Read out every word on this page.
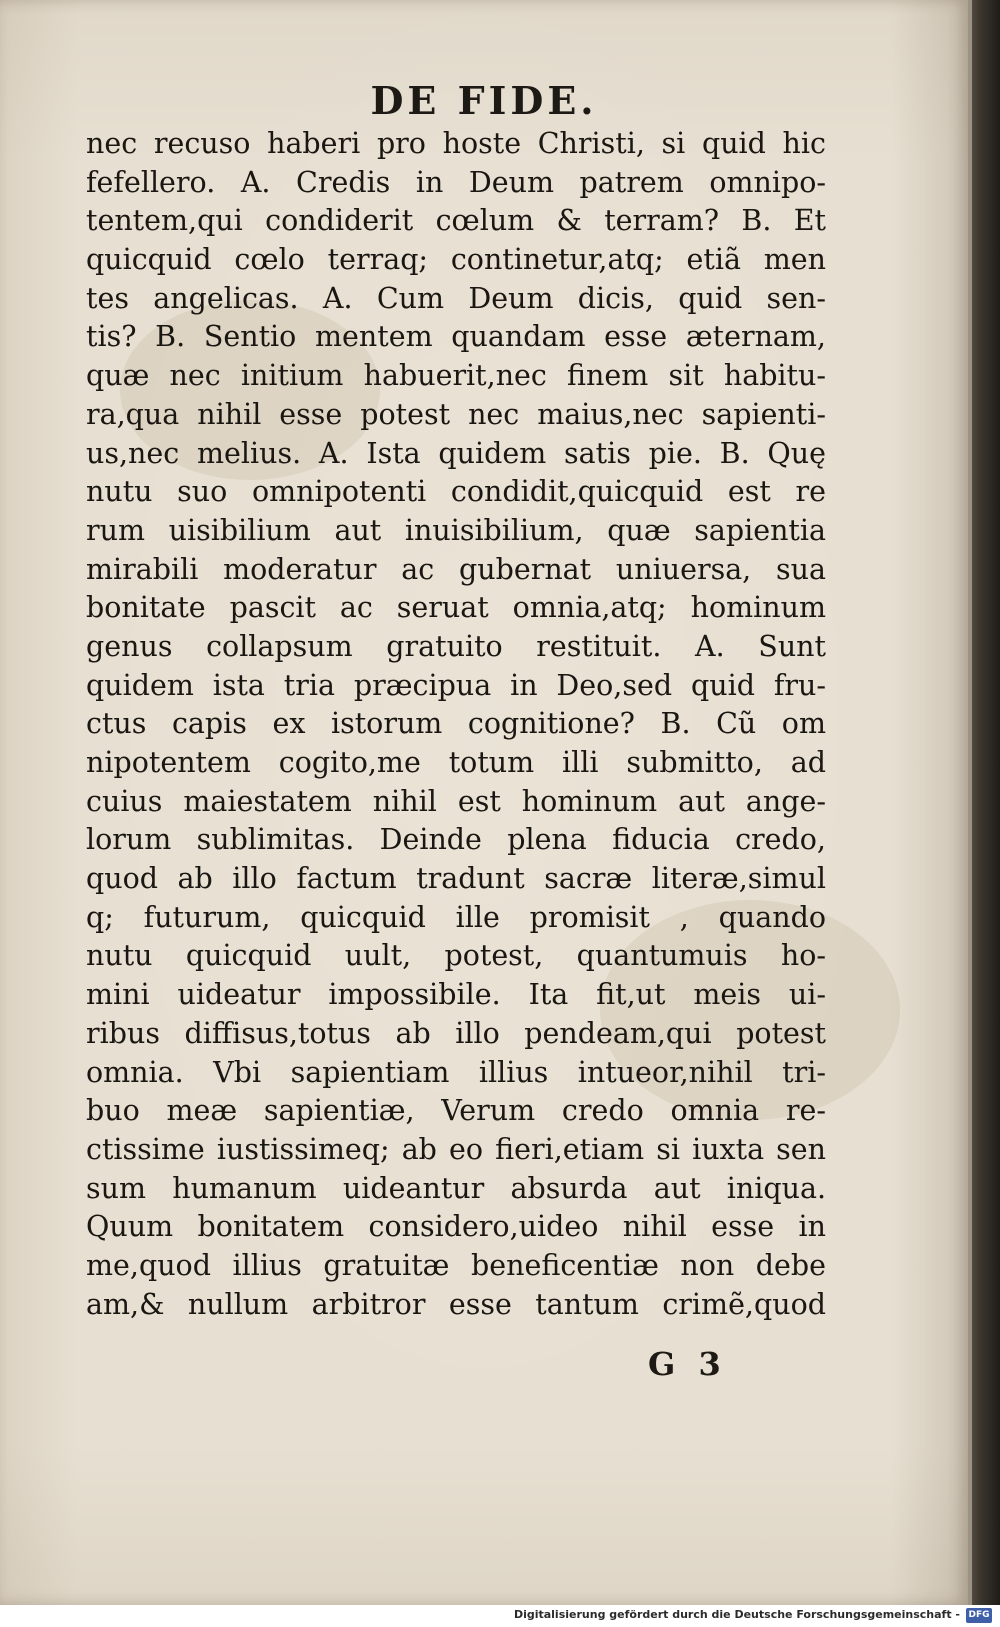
DE FIDE.
nec recuso haberi pro hoste Christi, si quid hic
fefellero. A. Credis in Deum patrem omnipo-
tentem,qui condiderit cœlum & terram? B. Et
quicquid cœlo terraq; continetur,atq; etiã men
tes angelicas. A. Cum Deum dicis, quid sen-
tis? B. Sentio mentem quandam esse æternam,
quæ nec initium habuerit,nec finem sit habitu-
ra,qua nihil esse potest nec maius,nec sapienti-
us,nec melius. A. Ista quidem satis pie. B. Quę
nutu suo omnipotenti condidit,quicquid est re
rum uisibilium aut inuisibilium, quæ sapientia
mirabili moderatur ac gubernat uniuersa, sua
bonitate pascit ac seruat omnia,atq; hominum
genus collapsum gratuito restituit. A. Sunt
quidem ista tria præcipua in Deo,sed quid fru-
ctus capis ex istorum cognitione? B. Cũ om
nipotentem cogito,me totum illi submitto, ad
cuius maiestatem nihil est hominum aut ange-
lorum sublimitas. Deinde plena fiducia credo,
quod ab illo factum tradunt sacræ literæ,simul
q; futurum, quicquid ille promisit , quando
nutu quicquid uult, potest, quantumuis ho-
mini uideatur impossibile. Ita fit,ut meis ui-
ribus diffisus,totus ab illo pendeam,qui potest
omnia. Vbi sapientiam illius intueor,nihil tri-
buo meæ sapientiæ, Verum credo omnia re-
ctissime iustissimeq; ab eo fieri,etiam si iuxta sen
sum humanum uideantur absurda aut iniqua.
Quum bonitatem considero,uideo nihil esse in
me,quod illius gratuitæ beneficentiæ non debe
am,& nullum arbitror esse tantum crimẽ,quod
G 3
Digitalisierung gefördert durch die Deutsche Forschungsgemeinschaft - DFG
